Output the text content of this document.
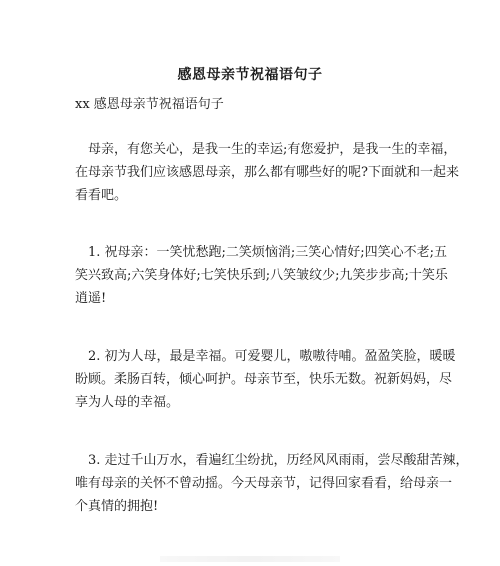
感恩母亲节祝福语句子

xx 感恩母亲节祝福语句子

　母亲，有您关心，是我一生的幸运;有您爱护，是我一生的幸福，
在母亲节我们应该感恩母亲，那么都有哪些好的呢?下面就和一起来
看看吧。

　1. 祝母亲：一笑忧愁跑;二笑烦恼消;三笑心情好;四笑心不老;五
笑兴致高;六笑身体好;七笑快乐到;八笑皱纹少;九笑步步高;十笑乐
逍遥!

　2. 初为人母，最是幸福。可爱婴儿，嗷嗷待哺。盈盈笑脸，暖暖
盼顾。柔肠百转，倾心呵护。母亲节至，快乐无数。祝新妈妈，尽
享为人母的幸福。

　3. 走过千山万水，看遍红尘纷扰，历经风风雨雨，尝尽酸甜苦辣，
唯有母亲的关怀不曾动摇。今天母亲节，记得回家看看，给母亲一
个真情的拥抱!
